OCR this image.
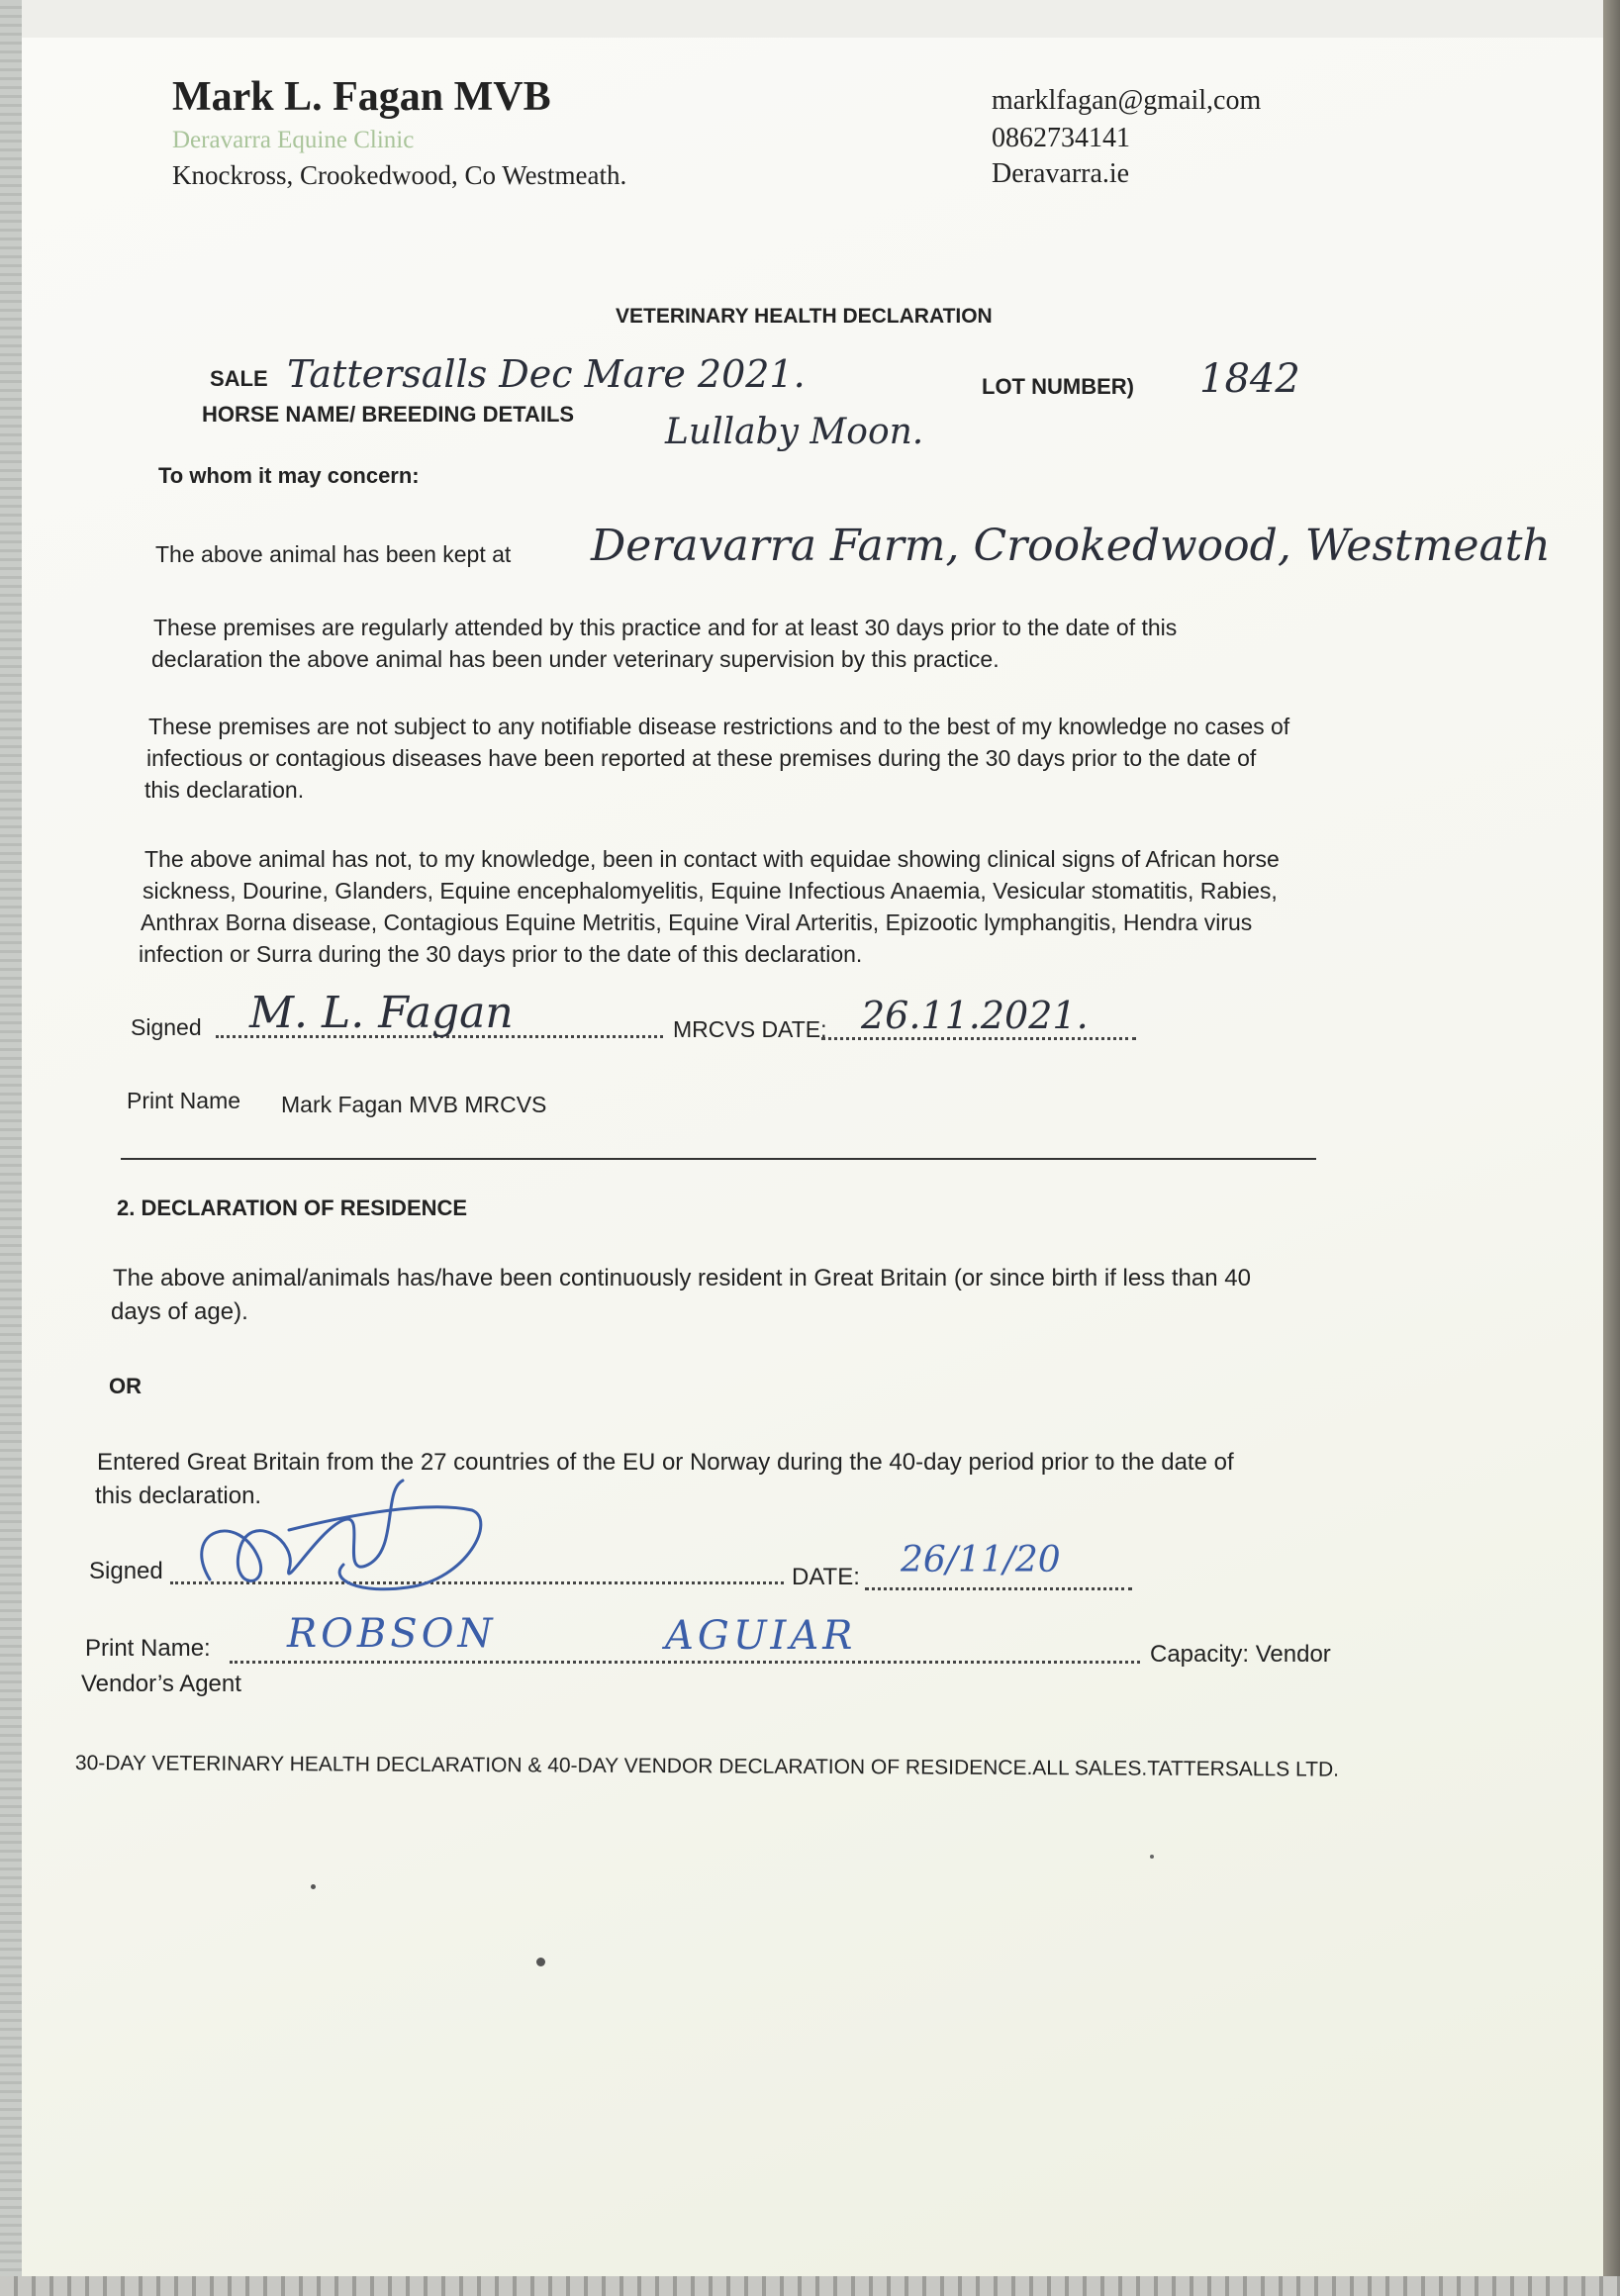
Mark L. Fagan MVB
Deravarra Equine Clinic
Knockross, Crookedwood, Co Westmeath.
marklfagan@gmail,com
0862734141
Deravarra.ie
VETERINARY HEALTH DECLARATION
SALE Tattersalls Dec Mare 2021.	LOT NUMBER) 1842
HORSE NAME/ BREEDING DETAILS	Lullaby Moon.
To whom it may concern:
The above animal has been kept at Deravarra Farm, Crookedwood, Westmeath
These premises are regularly attended by this practice and for at least 30 days prior to the date of this
declaration the above animal has been under veterinary supervision by this practice.
These premises are not subject to any notifiable disease restrictions and to the best of my knowledge no cases of
infectious or contagious diseases have been reported at these premises during the 30 days prior to the date of
this declaration.
The above animal has not, to my knowledge, been in contact with equidae showing clinical signs of African horse
sickness, Dourine, Glanders, Equine encephalomyelitis, Equine Infectious Anaemia, Vesicular stomatitis, Rabies,
Anthrax Borna disease, Contagious Equine Metritis, Equine Viral Arteritis, Epizootic lymphangitis, Hendra virus
infection or Surra during the 30 days prior to the date of this declaration.
Signed M. L. Fagan	MRCVS DATE: 26.11.2021.
Print Name Mark Fagan MVB MRCVS
2. DECLARATION OF RESIDENCE
The above animal/animals has/have been continuously resident in Great Britain (or since birth if less than 40
days of age).
OR
Entered Great Britain from the 27 countries of the EU or Norway during the 40-day period prior to the date of
this declaration.
Signed	DATE: 26/11/20
Print Name: ROBSON	AGUIAR	Capacity: Vendor
Vendor’s Agent
30-DAY VETERINARY HEALTH DECLARATION & 40-DAY VENDOR DECLARATION OF RESIDENCE.ALL SALES.TATTERSALLS LTD.
